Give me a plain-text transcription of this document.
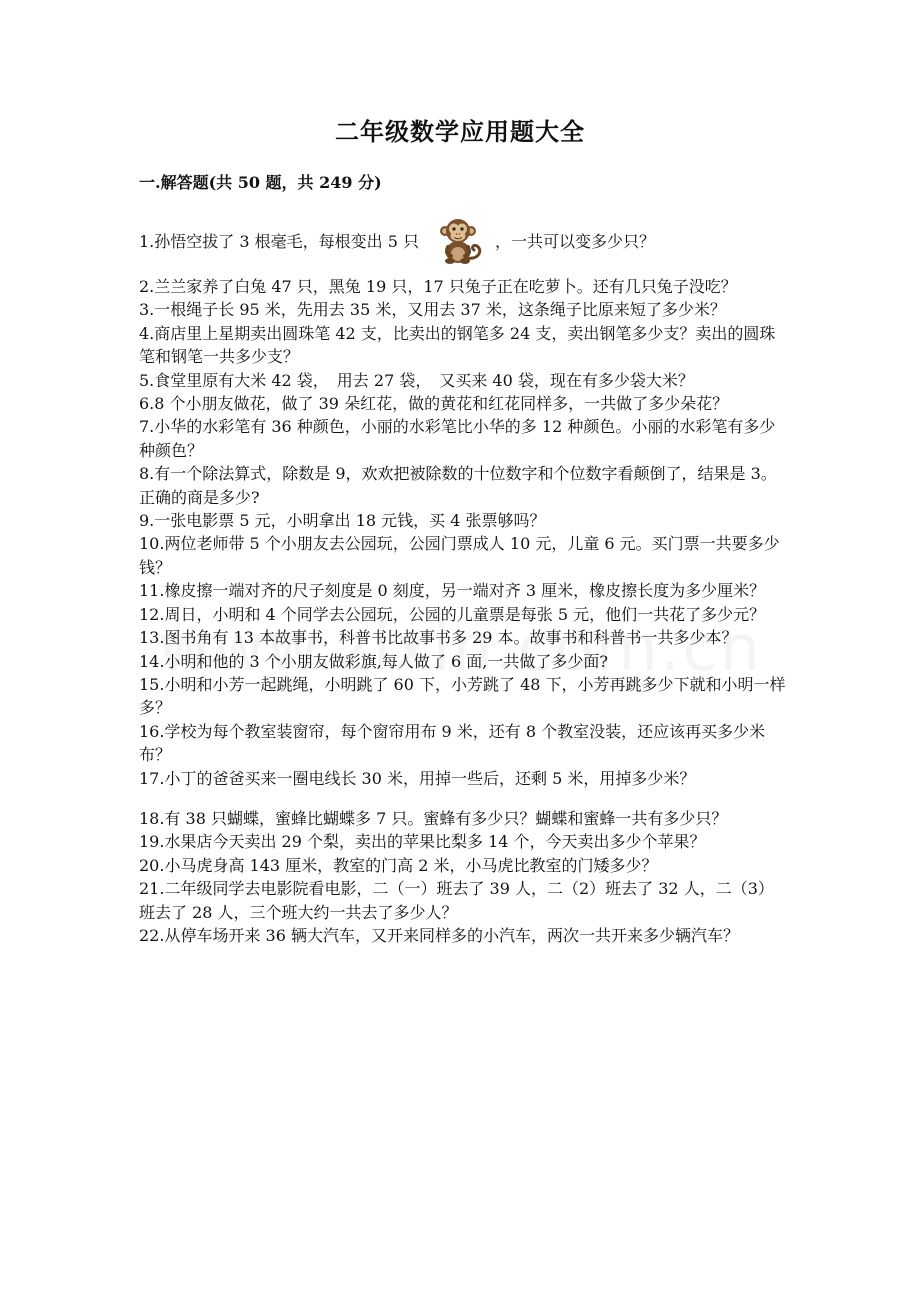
二年级数学应用题大全
一.解答题(共 50 题，共 249 分)
1.孙悟空拔了 3 根毫毛，每根变出 5 只	，一共可以变多少只？

2.兰兰家养了白兔 47 只，黑兔 19 只，17 只兔子正在吃萝卜。还有几只兔子没吃？

3.一根绳子长 95 米，先用去 35 米，又用去 37 米，这条绳子比原来短了多少米？

4.商店里上星期卖出圆珠笔 42 支，比卖出的钢笔多 24 支，卖出钢笔多少支？卖出的圆珠笔和钢笔一共多少支？

5.食堂里原有大米 42 袋，　用去 27 袋，　又买来 40 袋，现在有多少袋大米？

6.8 个小朋友做花，做了 39 朵红花，做的黄花和红花同样多，一共做了多少朵花？

7.小华的水彩笔有 36 种颜色，小丽的水彩笔比小华的多 12 种颜色。小丽的水彩笔有多少种颜色？

8.有一个除法算式，除数是 9，欢欢把被除数的十位数字和个位数字看颠倒了，结果是 3。正确的商是多少?

9.一张电影票 5 元，小明拿出 18 元钱，买 4 张票够吗？

10.两位老师带 5 个小朋友去公园玩，公园门票成人 10 元，儿童 6 元。买门票一共要多少钱？

11.橡皮擦一端对齐的尺子刻度是 0 刻度，另一端对齐 3 厘米，橡皮擦长度为多少厘米？

12.周日，小明和 4 个同学去公园玩，公园的儿童票是每张 5 元，他们一共花了多少元？

13.图书角有 13 本故事书，科普书比故事书多 29 本。故事书和科普书一共多少本？

14.小明和他的 3 个小朋友做彩旗,每人做了 6 面,一共做了多少面?

15.小明和小芳一起跳绳，小明跳了 60 下，小芳跳了 48 下，小芳再跳多少下就和小明一样多？

16.学校为每个教室装窗帘，每个窗帘用布 9 米，还有 8 个教室没装，还应该再买多少米布？

17.小丁的爸爸买来一圈电线长 30 米，用掉一些后，还剩 5 米，用掉多少米？

18.有 38 只蝴蝶，蜜蜂比蝴蝶多 7 只。蜜蜂有多少只？蝴蝶和蜜蜂一共有多少只？

19.水果店今天卖出 29 个梨，卖出的苹果比梨多 14 个，今天卖出多少个苹果？

20.小马虎身高 143 厘米，教室的门高 2 米，小马虎比教室的门矮多少？

21.二年级同学去电影院看电影，二（一）班去了 39 人，二（2）班去了 32 人，二（3）班去了 28 人，三个班大约一共去了多少人？

22.从停车场开来 36 辆大汽车，又开来同样多的小汽车，两次一共开来多少辆汽车？
